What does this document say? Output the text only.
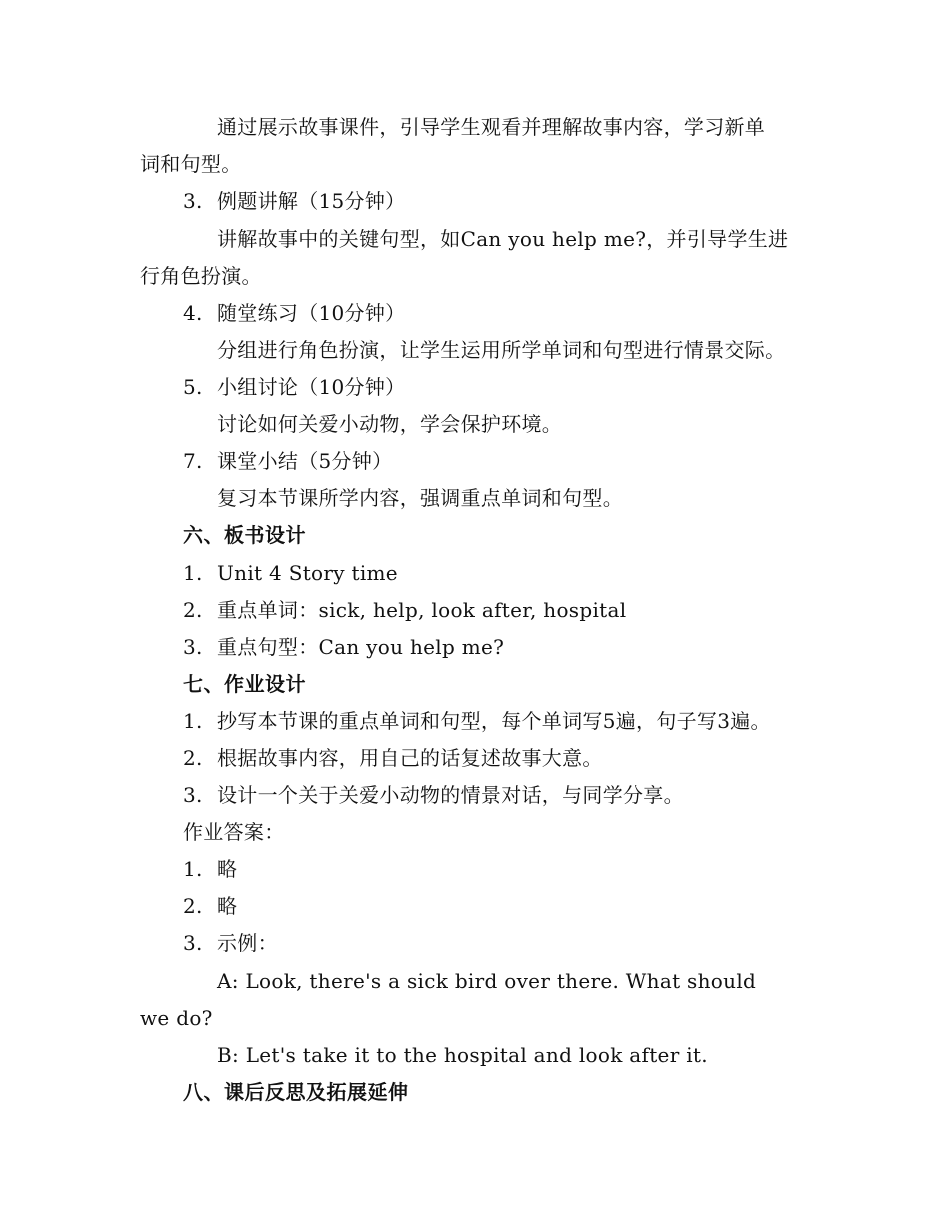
通过展示故事课件，引导学生观看并理解故事内容，学习新单
词和句型。
3. 例题讲解（15分钟）
讲解故事中的关键句型，如Can you help me?，并引导学生进
行角色扮演。
4. 随堂练习（10分钟）
分组进行角色扮演，让学生运用所学单词和句型进行情景交际。
5. 小组讨论（10分钟）
讨论如何关爱小动物，学会保护环境。
7. 课堂小结（5分钟）
复习本节课所学内容，强调重点单词和句型。
六、板书设计
1. Unit 4 Story time
2. 重点单词：sick, help, look after, hospital
3. 重点句型：Can you help me?
七、作业设计
1. 抄写本节课的重点单词和句型，每个单词写5遍，句子写3遍。
2. 根据故事内容，用自己的话复述故事大意。
3. 设计一个关于关爱小动物的情景对话，与同学分享。
作业答案：
1. 略
2. 略
3. 示例：
A: Look, there's a sick bird over there. What should
we do?
B: Let's take it to the hospital and look after it.
八、课后反思及拓展延伸
